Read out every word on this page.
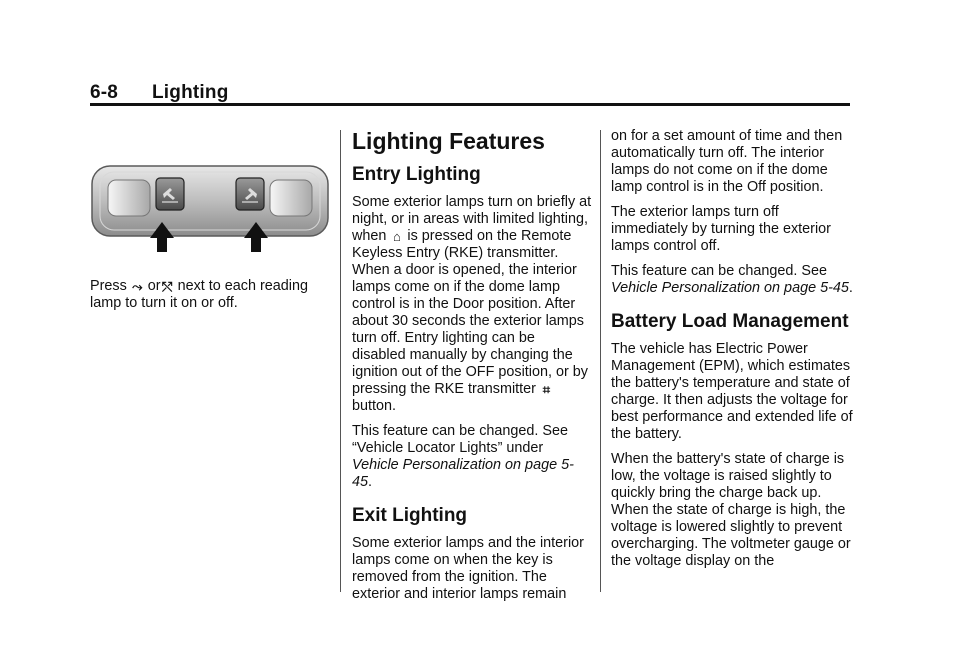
6-8 Lighting

Press ⤳ or⤲ next to each reading lamp to turn it on or off.

Lighting Features
Entry Lighting

Some exterior lamps turn on briefly at night, or in areas with limited lighting, when ⌂ is pressed on the Remote Keyless Entry (RKE) transmitter. When a door is opened, the interior lamps come on if the dome lamp control is in the Door position. After about 30 seconds the exterior lamps turn off. Entry lighting can be disabled manually by changing the ignition out of the OFF position, or by pressing the RKE transmitter ⌗button.

This feature can be changed. See “Vehicle Locator Lights” under Vehicle Personalization on page 5-45.

Exit Lighting

Some exterior lamps and the interior lamps come on when the key is removed from the ignition. The exterior and interior lamps remain

on for a set amount of time and then automatically turn off. The interior lamps do not come on if the dome lamp control is in the Off position.

The exterior lamps turn off immediately by turning the exterior lamps control off.

This feature can be changed. See Vehicle Personalization on page 5-45.

Battery Load Management

The vehicle has Electric Power Management (EPM), which estimates the battery's temperature and state of charge. It then adjusts the voltage for best performance and extended life of the battery.

When the battery's state of charge is low, the voltage is raised slightly to quickly bring the charge back up. When the state of charge is high, the voltage is lowered slightly to prevent overcharging. The voltmeter gauge or the voltage display on the
